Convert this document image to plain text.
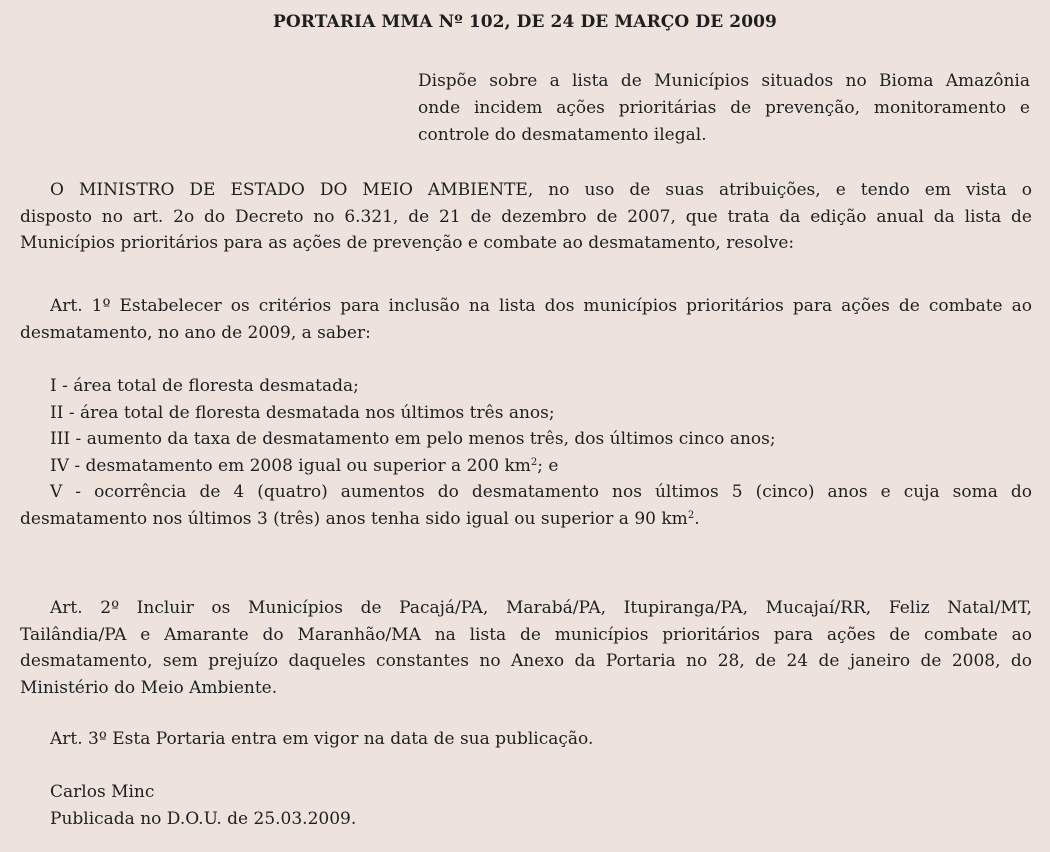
PORTARIA MMA Nº 102, DE 24 DE MARÇO DE 2009
Dispõe sobre a lista de Municípios situados no Bioma Amazônia
onde incidem ações prioritárias de prevenção, monitoramento e
controle do desmatamento ilegal.
O MINISTRO DE ESTADO DO MEIO AMBIENTE, no uso de suas atribuições, e tendo em vista o
disposto no art. 2o do Decreto no 6.321, de 21 de dezembro de 2007, que trata da edição anual da lista de
Municípios prioritários para as ações de prevenção e combate ao desmatamento, resolve:
Art. 1º Estabelecer os critérios para inclusão na lista dos municípios prioritários para ações de combate ao
desmatamento, no ano de 2009, a saber:
I - área total de floresta desmatada;
II - área total de floresta desmatada nos últimos três anos;
III - aumento da taxa de desmatamento em pelo menos três, dos últimos cinco anos;
IV - desmatamento em 2008 igual ou superior a 200 $km^2$; e
V - ocorrência de 4 (quatro) aumentos do desmatamento nos últimos 5 (cinco) anos e cuja soma do
desmatamento nos últimos 3 (três) anos tenha sido igual ou superior a 90 $km^2$.
Art. 2º Incluir os Municípios de Pacajá/PA, Marabá/PA, Itupiranga/PA, Mucajaí/RR, Feliz Natal/MT,
Tailândia/PA e Amarante do Maranhão/MA na lista de municípios prioritários para ações de combate ao
desmatamento, sem prejuízo daqueles constantes no Anexo da Portaria no 28, de 24 de janeiro de 2008, do
Ministério do Meio Ambiente.
Art. 3º Esta Portaria entra em vigor na data de sua publicação.
Carlos Minc
Publicada no D.O.U. de 25.03.2009.
